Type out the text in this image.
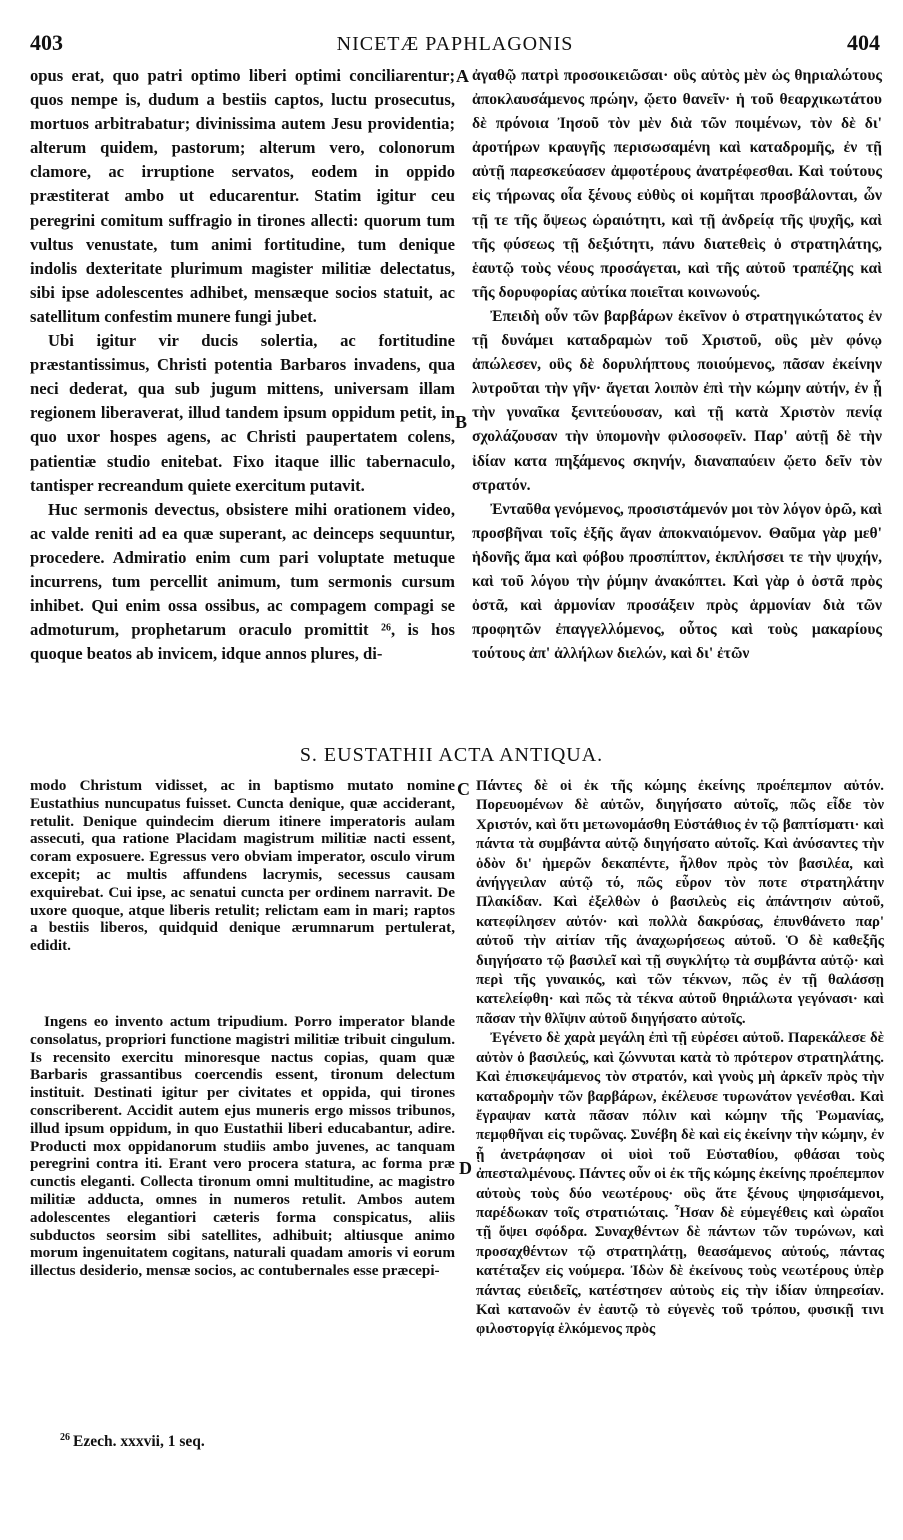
403	NICETÆ PAPHLAGONIS	404

opus erat, quo patri optimo liberi optimi conciliarentur; quos nempe is, dudum a bestiis captos, luctu prosecutus, mortuos arbitrabatur; divinissima autem Jesu providentia; alterum quidem, pastorum; alterum vero, colonorum clamore, ac irruptione servatos, eodem in oppido præstiterat ambo ut educarentur. Statim igitur ceu peregrini comitum suffragio in tirones allecti: quorum tum vultus venustate, tum animi fortitudine, tum denique indolis dexteritate plurimum magister militiæ delectatus, sibi ipse adolescentes adhibet, mensæque socios statuit, ac satellitum confestim munere fungi jubet.

Ubi igitur vir ducis solertia, ac fortitudine præstantissimus, Christi potentia Barbaros invadens, qua neci dederat, qua sub jugum mittens, universam illam regionem liberaverat, illud tandem ipsum oppidum petit, in quo uxor hospes agens, ac Christi paupertatem colens, patientiæ studio enitebat. Fixo itaque illic tabernaculo, tantisper recreandum quiete exercitum putavit.

Huc sermonis devectus, obsistere mihi orationem video, ac valde reniti ad ea quæ superant, ac deinceps sequuntur, procedere. Admiratio enim cum pari voluptate metuque incurrens, tum percellit animum, tum sermonis cursum inhibet. Qui enim ossa ossibus, ac compagem compagi se admoturum, prophetarum oraculo promittit ²⁶, is hos quoque beatos ab invicem, idque annos plures, di-

A
B

ἀγαθῷ πατρὶ προσοικειῶσαι· οὓς αὐτὸς μὲν ὡς θηριαλώτους ἀποκλαυσάμενος πρώην, ᾤετο θανεῖν· ἡ τοῦ θεαρχικωτάτου δὲ πρόνοια Ἰησοῦ τὸν μὲν διὰ τῶν ποιμένων, τὸν δὲ δι' ἀροτήρων κραυγῆς περισωσαμένη καὶ καταδρομῆς, ἐν τῇ αὐτῇ παρεσκεύασεν ἀμφοτέρους ἀνατρέφεσθαι. Καὶ τούτους εἰς τήρωνας οἷα ξένους εὐθὺς οἱ κομῆται προσβάλονται, ὧν τῇ τε τῆς ὄψεως ὡραιότητι, καὶ τῇ ἀνδρείᾳ τῆς ψυχῆς, καὶ τῆς φύσεως τῇ δεξιότητι, πάνυ διατεθεὶς ὁ στρατηλάτης, ἑαυτῷ τοὺς νέους προσάγεται, καὶ τῆς αὐτοῦ τραπέζης καὶ τῆς δορυφορίας αὐτίκα ποιεῖται κοινωνούς.

Ἐπειδὴ οὖν τῶν βαρβάρων ἐκεῖνον ὁ στρατηγικώτατος ἐν τῇ δυνάμει καταδραμὼν τοῦ Χριστοῦ, οὓς μὲν φόνῳ ἀπώλεσεν, οὓς δὲ δορυλήπτους ποιούμενος, πᾶσαν ἐκείνην λυτροῦται τὴν γῆν· ἄγεται λοιπὸν ἐπὶ τὴν κώμην αὐτήν, ἐν ᾗ τὴν γυναῖκα ξενιτεύουσαν, καὶ τῇ κατὰ Χριστὸν πενίᾳ σχολάζουσαν τὴν ὑπομονὴν φιλοσοφεῖν. Παρ' αὐτῇ δὲ τὴν ἰδίαν κατα πηξάμενος σκηνήν, διαναπαύειν ᾤετο δεῖν τὸν στρατόν.

Ἐνταῦθα γενόμενος, προσιστάμενόν μοι τὸν λόγον ὁρῶ, καὶ προσβῆναι τοῖς ἑξῆς ἄγαν ἀποκναιόμενον. Θαῦμα γὰρ μεθ' ἡδονῆς ἅμα καὶ φόβου προσπίπτον, ἐκπλήσσει τε τὴν ψυχήν, καὶ τοῦ λόγου τὴν ῥύμην ἀνακόπτει. Καὶ γὰρ ὁ ὀστᾶ πρὸς ὀστᾶ, καὶ ἁρμονίαν προσάξειν πρὸς ἁρμονίαν διὰ τῶν προφητῶν ἐπαγγελλόμενος, οὗτος καὶ τοὺς μακαρίους τούτους ἀπ' ἀλλήλων διελών, καὶ δι' ἐτῶν

S. EUSTATHII ACTA ANTIQUA.

modo Christum vidisset, ac in baptismo mutato nomine Eustathius nuncupatus fuisset. Cuncta denique, quæ acciderant, retulit. Denique quindecim dierum itinere imperatoris aulam assecuti, qua ratione Placidam magistrum militiæ nacti essent, coram exposuere. Egressus vero obviam imperator, osculo virum excepit; ac multis affundens lacrymis, secessus causam exquirebat. Cui ipse, ac senatui cuncta per ordinem narravit. De uxore quoque, atque liberis retulit; relictam eam in mari; raptos a bestiis liberos, quidquid denique ærumnarum pertulerat, edidit.

Ingens eo invento actum tripudium. Porro imperator blande consolatus, propriori functione magistri militiæ tribuit cingulum. Is recensito exercitu minoresque nactus copias, quam quæ Barbaris grassantibus coercendis essent, tironum delectum instituit. Destinati igitur per civitates et oppida, qui tirones conscriberent. Accidit autem ejus muneris ergo missos tribunos, illud ipsum oppidum, in quo Eustathii liberi educabantur, adire. Producti mox oppidanorum studiis ambo juvenes, ac tanquam peregrini contra iti. Erant vero procera statura, ac forma præ cunctis eleganti. Collecta tironum omni multitudine, ac magistro militiæ adducta, omnes in numeros retulit. Ambos autem adolescentes elegantiori cæteris forma conspicatus, aliis subductos seorsim sibi satellites, adhibuit; altiusque animo morum ingenuitatem cogitans, naturali quadam amoris vi eorum illectus desiderio, mensæ socios, ac contubernales esse præcepi-

C
D

Πάντες δὲ οἱ ἐκ τῆς κώμης ἐκείνης προέπεμπον αὐτόν. Πορευομένων δὲ αὐτῶν, διηγήσατο αὐτοῖς, πῶς εἶδε τὸν Χριστόν, καὶ ὅτι μετωνομάσθη Εὐστάθιος ἐν τῷ βαπτίσματι· καὶ πάντα τὰ συμβάντα αὐτῷ διηγήσατο αὐτοῖς. Καὶ ἀνύσαντες τὴν ὁδὸν δι' ἡμερῶν δεκαπέντε, ἦλθον πρὸς τὸν βασιλέα, καὶ ἀνήγγειλαν αὐτῷ τό, πῶς εὗρον τὸν ποτε στρατηλάτην Πλακίδαν. Καὶ ἐξελθὼν ὁ βασιλεὺς εἰς ἀπάντησιν αὐτοῦ, κατεφίλησεν αὐτόν· καὶ πολλὰ δακρύσας, ἐπυνθάνετο παρ' αὐτοῦ τὴν αἰτίαν τῆς ἀναχωρήσεως αὐτοῦ. Ὁ δὲ καθεξῆς διηγήσατο τῷ βασιλεῖ καὶ τῇ συγκλήτῳ τὰ συμβάντα αὐτῷ· καὶ περὶ τῆς γυναικός, καὶ τῶν τέκνων, πῶς ἐν τῇ θαλάσσῃ κατελείφθη· καὶ πῶς τὰ τέκνα αὐτοῦ θηριάλωτα γεγόνασι· καὶ πᾶσαν τὴν θλῖψιν αὐτοῦ διηγήσατο αὐτοῖς.

Ἐγένετο δὲ χαρὰ μεγάλη ἐπὶ τῇ εὑρέσει αὐτοῦ. Παρεκάλεσε δὲ αὐτὸν ὁ βασιλεύς, καὶ ζώννυται κατὰ τὸ πρότερον στρατηλάτης. Καὶ ἐπισκεψάμενος τὸν στρατόν, καὶ γνοὺς μὴ ἀρκεῖν πρὸς τὴν καταδρομὴν τῶν βαρβάρων, ἐκέλευσε τυρωνάτον γενέσθαι. Καὶ ἔγραψαν κατὰ πᾶσαν πόλιν καὶ κώμην τῆς Ῥωμανίας, πεμφθῆναι εἰς τυρῶνας. Συνέβη δὲ καὶ εἰς ἐκείνην τὴν κώμην, ἐν ᾗ ἀνετράφησαν οἱ υἱοὶ τοῦ Εὐσταθίου, φθάσαι τοὺς ἀπεσταλμένους. Πάντες οὖν οἱ ἐκ τῆς κώμης ἐκείνης προέπεμπον αὐτοὺς τοὺς δύο νεωτέρους· οὓς ἅτε ξένους ψηφισάμενοι, παρέδωκαν τοῖς στρατιώταις. Ἦσαν δὲ εὐμεγέθεις καὶ ὡραῖοι τῇ ὄψει σφόδρα. Συναχθέντων δὲ πάντων τῶν τυρώνων, καὶ προσαχθέντων τῷ στρατηλάτῃ, θεασάμενος αὐτούς, πάντας κατέταξεν εἰς νούμερα. Ἰδὼν δὲ ἐκείνους τοὺς νεωτέρους ὑπὲρ πάντας εὐειδεῖς, κατέστησεν αὐτοὺς εἰς τὴν ἰδίαν ὑπηρεσίαν. Καὶ κατανοῶν ἐν ἑαυτῷ τὸ εὐγενὲς τοῦ τρόπου, φυσικῇ τινι φιλοστοργίᾳ ἑλκόμενος πρὸς

$^{26}$ Ezech. xxxvii, 1 seq.
